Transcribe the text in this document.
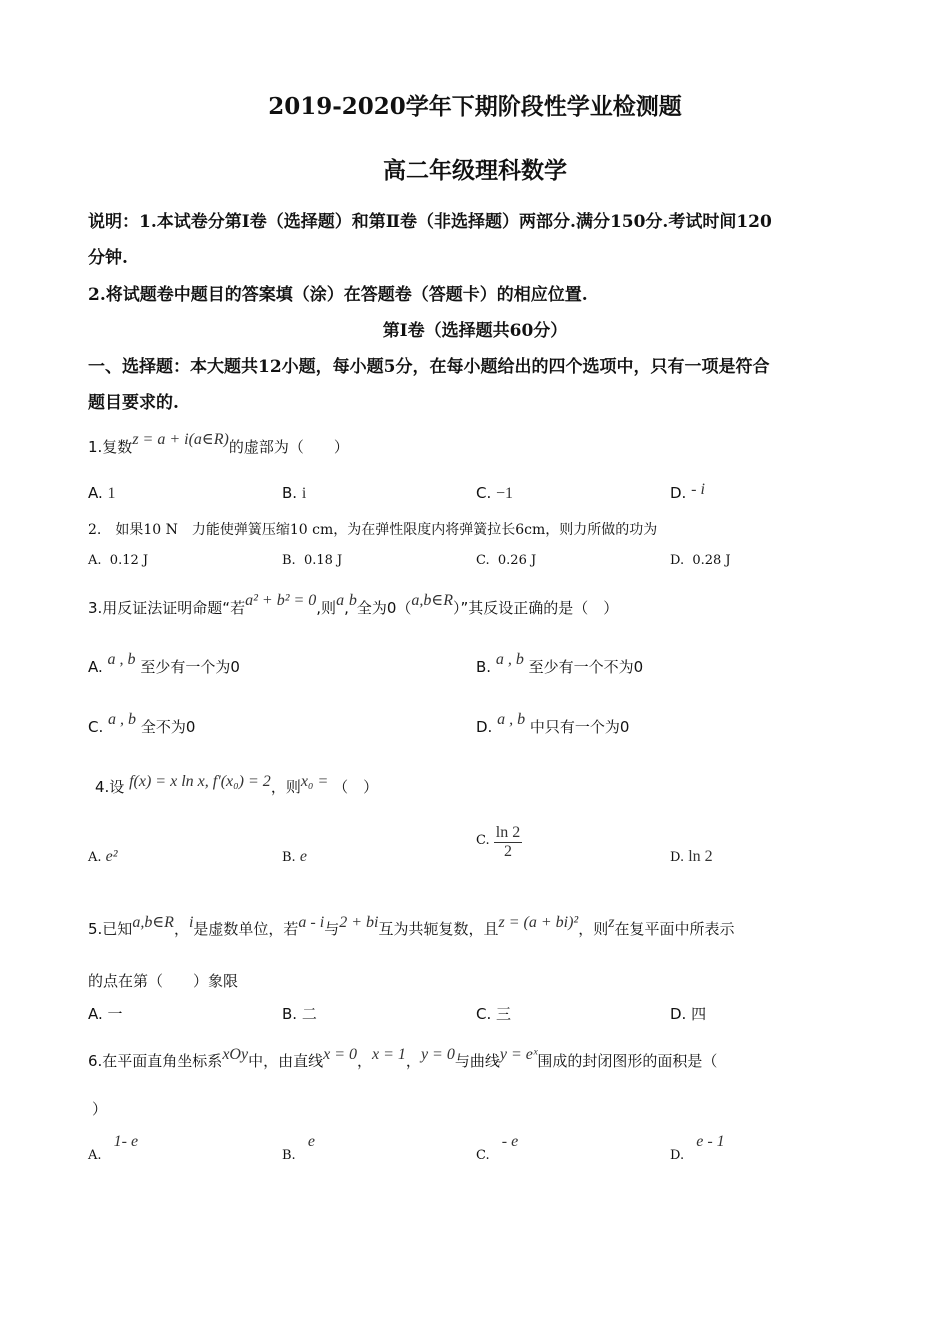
2019-2020学年下期阶段性学业检测题
高二年级理科数学
说明：1.本试卷分第Ⅰ卷（选择题）和第Ⅱ卷（非选择题）两部分.满分150分.考试时间120
分钟.
2.将试题卷中题目的答案填（涂）在答题卷（答题卡）的相应位置.
第Ⅰ卷（选择题共60分）
一、选择题：本大题共12小题，每小题5分，在每小题给出的四个选项中，只有一项是符合
题目要求的.
1.复数z = a + i(a∈R)的虚部为（　　）
A. 1	B. i	C. −1	D. - i
2.　如果10 N　力能使弹簧压缩10 cm，为在弹性限度内将弹簧拉长6cm，则力所做的功为
A. 0.12 J	B. 0.18 J	C. 0.26 J	D. 0.28 J
3.用反证法证明命题“若a² + b² = 0,则a,b全为0（a,b∈R）”其反设正确的是（　）
A. a , b 至少有一个为0	B. a , b 至少有一个不为0
C. a , b 全不为0	D. a , b 中只有一个为0
4.设 f(x) = x ln x, f′(x₀) = 2，则x₀ = （　）
A. e²	B. e
C. $\frac{\ln 2}{2}$	D. ln 2
5.已知a,b∈R，i是虚数单位，若a - i与2 + bi互为共轭复数，且z = (a + bi)²，则z在复平面中所表示
的点在第（　　）象限
A. 一	B. 二	C. 三	D. 四
6.在平面直角坐标系xOy中，由直线x = 0，x = 1，y = 0与曲线y = eˣ围成的封闭图形的面积是（
）
A. 1- e
B. e
C. - e
D. e - 1
